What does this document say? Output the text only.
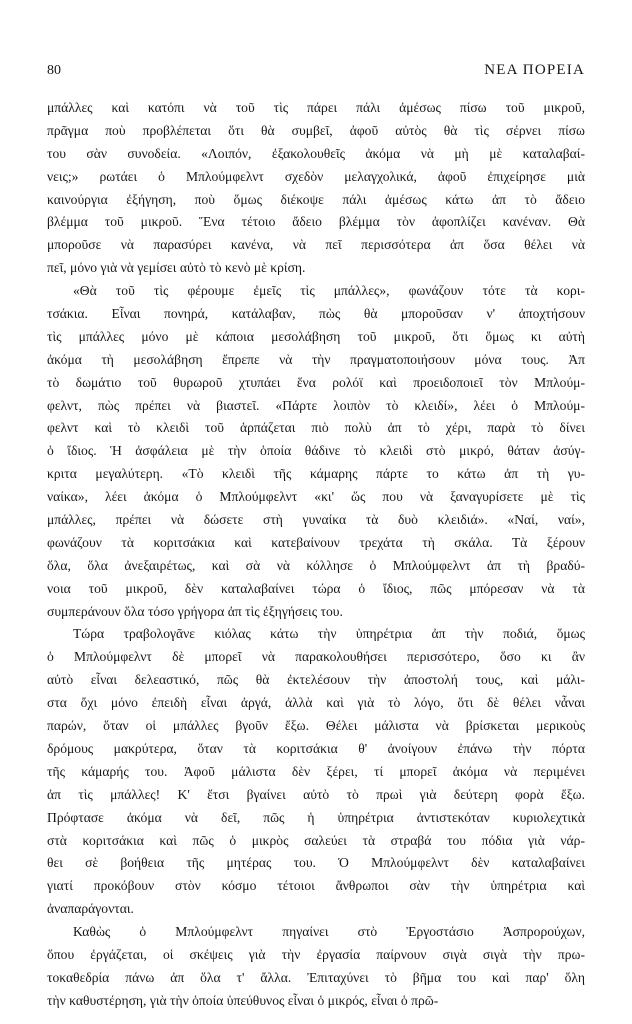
80	ΝΕΑ ΠΟΡΕΙΑ
μπάλλες καὶ κατόπι νὰ τοῦ τὶς πάρει πάλι ἀμέσως πίσω τοῦ μικροῦ,
πρᾶγμα ποὺ προβλέπεται ὅτι θὰ συμβεῖ, ἀφοῦ αὐτὸς θὰ τὶς σέρνει πίσω
του σὰν συνοδεία. «Λοιπόν, ἐξακολουθεῖς ἀκόμα νὰ μὴ μὲ καταλαβαί-
νεις;» ρωτάει ὁ Μπλούμφελντ σχεδὸν μελαγχολικά, ἀφοῦ ἐπιχείρησε μιὰ
καινούργια ἐξήγηση, ποὺ ὅμως διέκοψε πάλι ἀμέσως κάτω ἀπ τὸ ἄδειο
βλέμμα τοῦ μικροῦ. Ἕνα τέτοιο ἄδειο βλέμμα τὸν ἀφοπλίζει κανέναν. Θὰ
μποροῦσε νὰ παρασύρει κανένα, νὰ πεῖ περισσότερα ἀπ ὅσα θέλει νὰ
πεῖ, μόνο γιὰ νὰ γεμίσει αὐτὸ τὸ κενὸ μὲ κρίση.
«Θὰ τοῦ τὶς φέρουμε ἐμεῖς τὶς μπάλλες», φωνάζουν τότε τὰ κορι-
τσάκια. Εἶναι πονηρά, κατάλαβαν, πὼς θὰ μποροῦσαν ν' ἀποχτήσουν
τὶς μπάλλες μόνο μὲ κάποια μεσολάβηση τοῦ μικροῦ, ὅτι ὅμως κι αὐτὴ
ἀκόμα τὴ μεσολάβηση ἔπρεπε νὰ τὴν πραγματοποιήσουν μόνα τους. Ἀπ
τὸ δωμάτιο τοῦ θυρωροῦ χτυπάει ἕνα ρολόϊ καὶ προειδοποιεῖ τὸν Μπλούμ-
φελντ, πὼς πρέπει νὰ βιαστεῖ. «Πάρτε λοιπὸν τὸ κλειδί», λέει ὁ Μπλούμ-
φελντ καὶ τὸ κλειδὶ τοῦ ἁρπάζεται πιὸ πολὺ ἀπ τὸ χέρι, παρὰ τὸ δίνει
ὁ ἴδιος. Ἡ ἀσφάλεια μὲ τὴν ὁποία θάδινε τὸ κλειδὶ στὸ μικρό, θάταν ἀσύγ-
κριτα μεγαλύτερη. «Τὸ κλειδὶ τῆς κάμαρης πάρτε το κάτω ἀπ τὴ γυ-
ναίκα», λέει ἀκόμα ὁ Μπλούμφελντ «κι' ὥς που νὰ ξαναγυρίσετε μὲ τὶς
μπάλλες, πρέπει νὰ δώσετε στὴ γυναίκα τὰ δυὸ κλειδιά». «Ναί, ναί»,
φωνάζουν τὰ κοριτσάκια καὶ κατεβαίνουν τρεχάτα τὴ σκάλα. Τὰ ξέρουν
ὅλα, ὅλα ἀνεξαιρέτως, καὶ σὰ νὰ κόλλησε ὁ Μπλούμφελντ ἀπ τὴ βραδύ-
νοια τοῦ μικροῦ, δὲν καταλαβαίνει τώρα ὁ ἴδιος, πῶς μπόρεσαν νὰ τὰ
συμπεράνουν ὅλα τόσο γρήγορα ἀπ τὶς ἐξηγήσεις του.
Τώρα τραβολογᾶνε κιόλας κάτω τὴν ὑπηρέτρια ἀπ τὴν ποδιά, ὅμως
ὁ Μπλούμφελντ δὲ μπορεῖ νὰ παρακολουθήσει περισσότερο, ὅσο κι ἂν
αὐτὸ εἶναι δελεαστικό, πῶς θὰ ἐκτελέσουν τὴν ἀποστολή τους, καὶ μάλι-
στα ὄχι μόνο ἐπειδὴ εἶναι ἀργά, ἀλλὰ καὶ γιὰ τὸ λόγο, ὅτι δὲ θέλει νἆναι
παρών, ὅταν οἱ μπάλλες βγοῦν ἔξω. Θέλει μάλιστα νὰ βρίσκεται μερικοὺς
δρόμους μακρύτερα, ὅταν τὰ κοριτσάκια θ' ἀνοίγουν ἐπάνω τὴν πόρτα
τῆς κάμαρής του. Ἀφοῦ μάλιστα δὲν ξέρει, τί μπορεῖ ἀκόμα νὰ περιμένει
ἀπ τὶς μπάλλες! Κ' ἔτσι βγαίνει αὐτὸ τὸ πρωὶ γιὰ δεύτερη φορὰ ἔξω.
Πρόφτασε ἀκόμα νὰ δεῖ, πῶς ἡ ὑπηρέτρια ἀντιστεκόταν κυριολεχτικὰ
στὰ κοριτσάκια καὶ πῶς ὁ μικρὸς σαλεύει τὰ στραβά του πόδια γιὰ νάρ-
θει σὲ βοήθεια τῆς μητέρας του. Ὁ Μπλούμφελντ δὲν καταλαβαίνει
γιατί προκόβουν στὸν κόσμο τέτοιοι ἄνθρωποι σὰν τὴν ὑπηρέτρια καὶ
ἀναπαράγονται.
Καθὼς ὁ Μπλούμφελντ πηγαίνει στὸ Ἐργοστάσιο Ἀσπρορούχων,
ὅπου ἐργάζεται, οἱ σκέψεις γιὰ τὴν ἐργασία παίρνουν σιγὰ σιγὰ τὴν πρω-
τοκαθεδρία πάνω ἀπ ὅλα τ' ἄλλα. Ἐπιταχύνει τὸ βῆμα του καὶ παρ' ὅλη
τὴν καθυστέρηση, γιὰ τὴν ὁποία ὑπεύθυνος εἶναι ὁ μικρός, εἶναι ὁ πρῶ-
